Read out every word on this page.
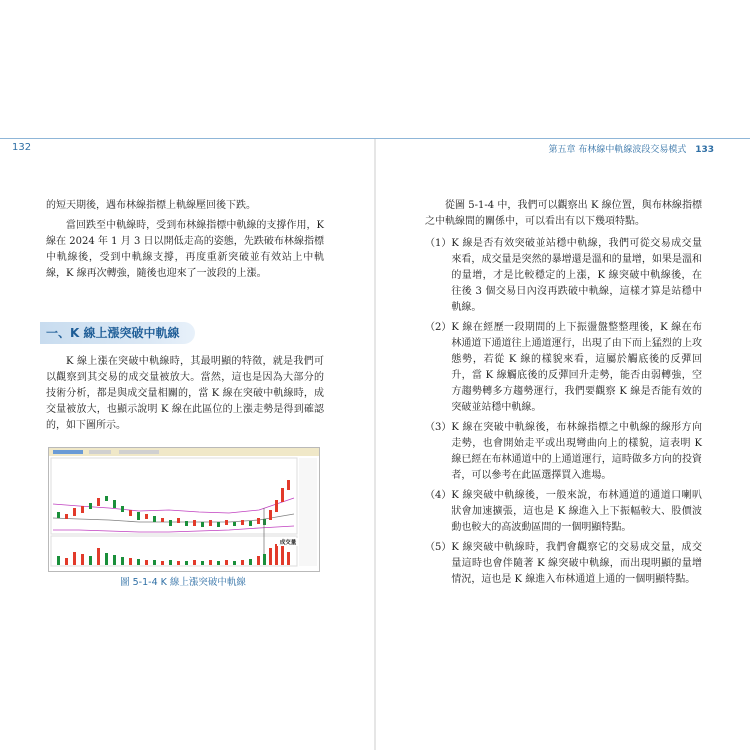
132	第五章 布林線中軌線波段交易模式 133

的短天期後，遇布林線指標上軌線壓回後下跌。

當回跌至中軌線時，受到布林線指標中軌線的支撐作用，K線在 2024 年 1 月 3 日以開低走高的姿態，先跌破布林線指標中軌線後，受到中軌線支撐，再度重新突破並有效站上中軌線，K 線再次轉強，隨後也迎來了一波段的上漲。

一、K 線上漲突破中軌線

K 線上漲在突破中軌線時，其最明顯的特徵，就是我們可以觀察到其交易的成交量被放大。當然，這也是因為大部分的技術分析，都是與成交量相關的，當 K 線在突破中軌線時，成交量被放大，也顯示說明 K 線在此區位的上漲走勢是得到確認的，如下圖所示。

成交量
圖 5-1-4 K 線上漲突破中軌線

從圖 5-1-4 中，我們可以觀察出 K 線位置，與布林線指標之中軌線間的關係中，可以看出有以下幾項特點。

（1） K 線是否有效突破並站穩中軌線，我們可從交易成交量來看，成交量是突然的暴增還是溫和的量增，如果是溫和的量增，才是比較穩定的上漲，K 線突破中軌線後，在往後 3 個交易日內沒再跌破中軌線，這樣才算是站穩中軌線。
（2） K 線在經歷一段期間的上下振盪盤整整理後，K 線在布林通道下通道往上通道運行，出現了由下而上猛烈的上攻態勢，若從 K 線的樣貌來看，這屬於觸底後的反彈回升，當 K 線觸底後的反彈回升走勢，能否由弱轉強，空方趨勢轉多方趨勢運行，我們要觀察 K 線是否能有效的突破並站穩中軌線。
（3） K 線在突破中軌線後，布林線指標之中軌線的線形方向走勢，也會開始走平或出現彎曲向上的樣貌，這表明 K 線已經在布林通道中的上通道運行，這時做多方向的投資者，可以參考在此區選擇買入進場。
（4） K 線突破中軌線後，一般來說，布林通道的通道口喇叭狀會加速擴張，這也是 K 線進入上下振幅較大、股價波動也較大的高波動區間的一個明顯特點。
（5） K 線突破中軌線時，我們會觀察它的交易成交量，成交量這時也會伴隨著 K 線突破中軌線，而出現明顯的量增情況，這也是 K 線進入布林通道上通的一個明顯特點。
